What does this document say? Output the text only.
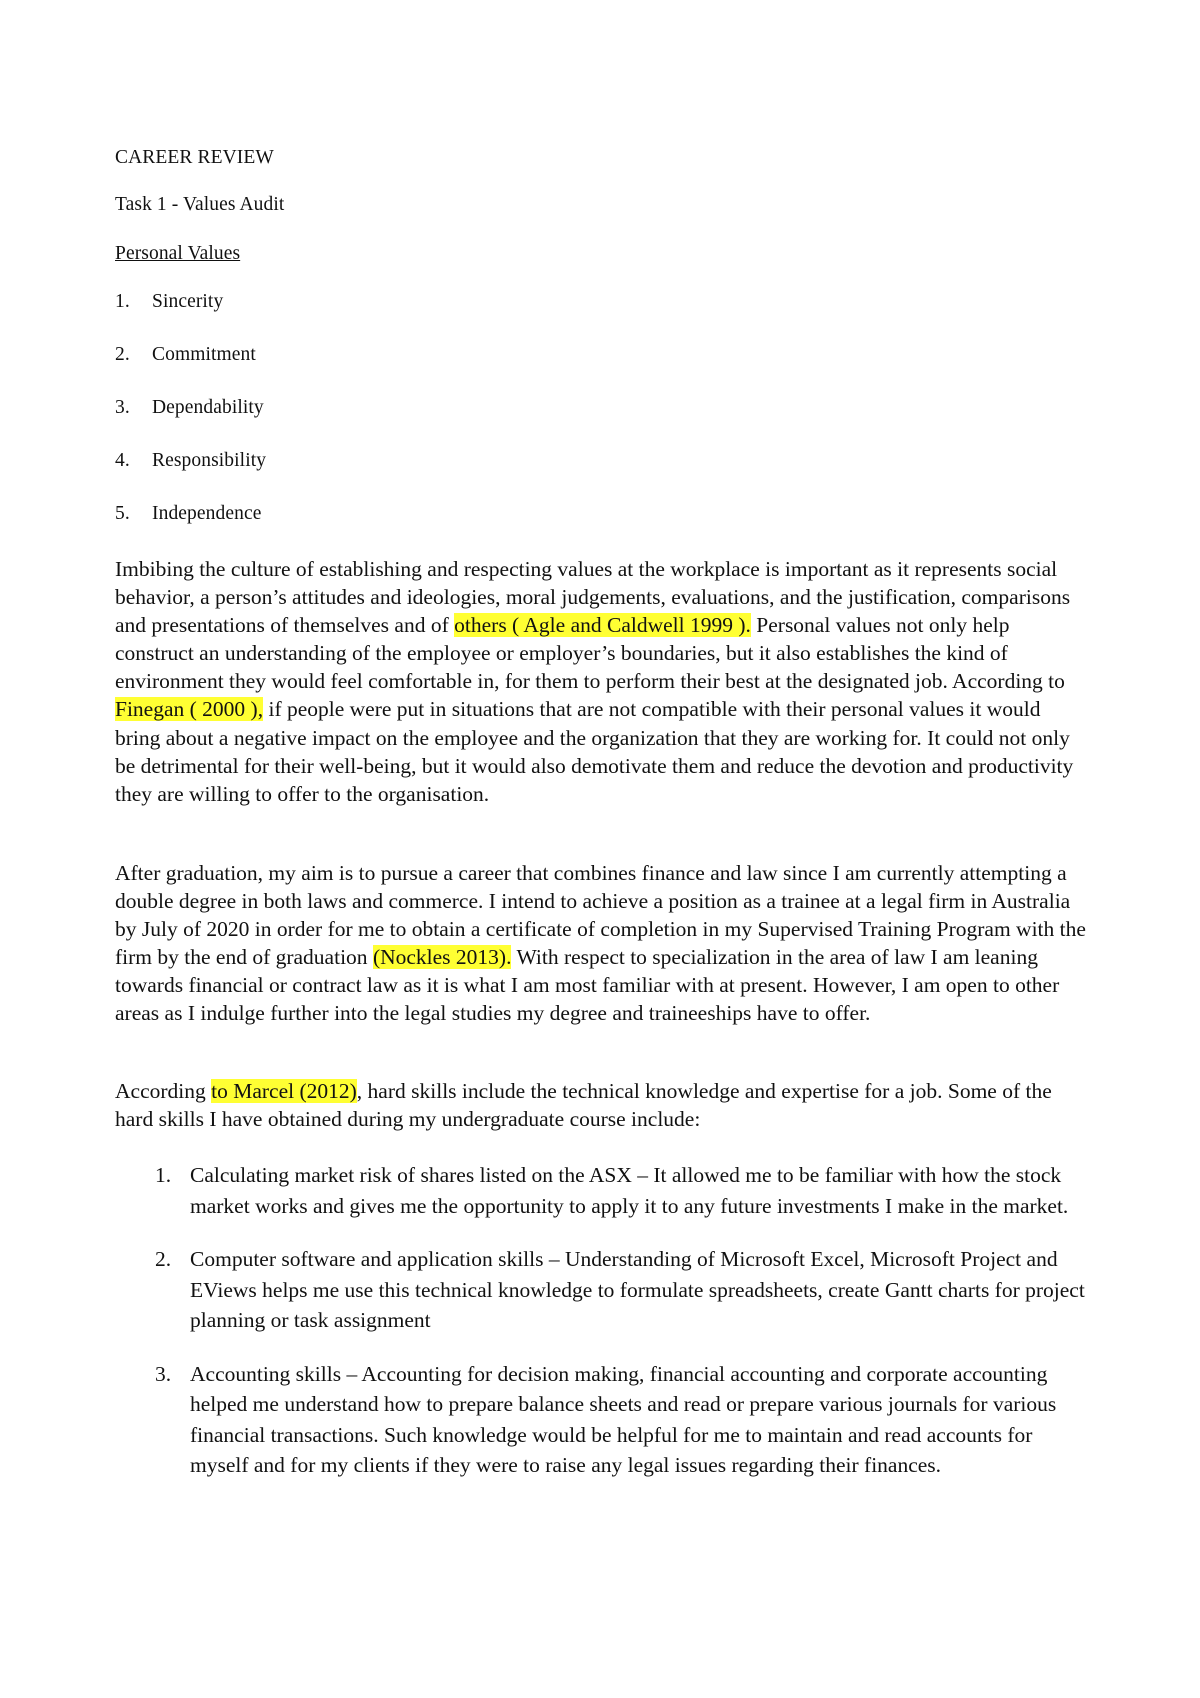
CAREER REVIEW
Task 1 - Values Audit
Personal Values
1.	Sincerity
2.	Commitment
3.	Dependability
4.	Responsibility
5.	Independence

Imbibing the culture of establishing and respecting values at the workplace is important as it represents social behavior, a person’s attitudes and ideologies, moral judgements, evaluations, and the justification, comparisons and presentations of themselves and of others ( Agle and Caldwell 1999 ). Personal values not only help construct an understanding of the employee or employer’s boundaries, but it also establishes the kind of environment they would feel comfortable in, for them to perform their best at the designated job. According to Finegan ( 2000 ), if people were put in situations that are not compatible with their personal values it would bring about a negative impact on the employee and the organization that they are working for. It could not only be detrimental for their well-being, but it would also demotivate them and reduce the devotion and productivity they are willing to offer to the organisation.

After graduation, my aim is to pursue a career that combines finance and law since I am currently attempting a double degree in both laws and commerce. I intend to achieve a position as a trainee at a legal firm in Australia by July of 2020 in order for me to obtain a certificate of completion in my Supervised Training Program with the firm by the end of graduation (Nockles 2013). With respect to specialization in the area of law I am leaning towards financial or contract law as it is what I am most familiar with at present. However, I am open to other areas as I indulge further into the legal studies my degree and traineeships have to offer.

According to Marcel (2012), hard skills include the technical knowledge and expertise for a job. Some of the hard skills I have obtained during my undergraduate course include:

1. Calculating market risk of shares listed on the ASX – It allowed me to be familiar with how the stock market works and gives me the opportunity to apply it to any future investments I make in the market.
2. Computer software and application skills – Understanding of Microsoft Excel, Microsoft Project and EViews helps me use this technical knowledge to formulate spreadsheets, create Gantt charts for project planning or task assignment
3. Accounting skills – Accounting for decision making, financial accounting and corporate accounting helped me understand how to prepare balance sheets and read or prepare various journals for various financial transactions. Such knowledge would be helpful for me to maintain and read accounts for myself and for my clients if they were to raise any legal issues regarding their finances.
